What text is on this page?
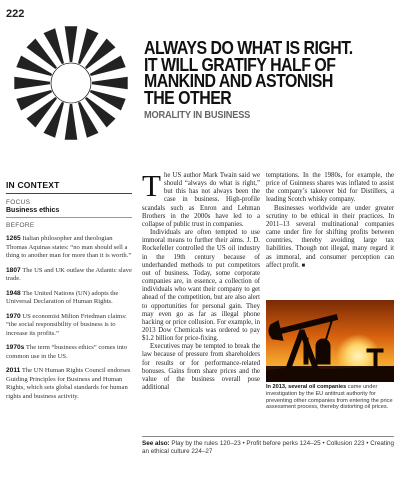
222
ALWAYS DO WHAT IS RIGHT.
IT WILL GRATIFY HALF OF
MANKIND AND ASTONISH
THE OTHER
MORALITY IN BUSINESS
IN CONTEXT
FOCUS
Business ethics
BEFORE
1265 Italian philosopher and theologian Thomas Aquinas states: “no man should sell a thing to another man for more than it is worth.”
1807 The US and UK outlaw the Atlantic slave trade.
1948 The United Nations (UN) adopts the Universal Declaration of Human Rights.
1970 US economist Milton Friedman claims: “the social responsibility of business is to increase its profits.”
1970s The term “business ethics” comes into common use in the US.
2011 The UN Human Rights Council endorses Guiding Principles for Business and Human Rights, which sets global standards for human rights and business activity.

The US author Mark Twain said we should “always do what is right,” but this has not always been the case in business. High-profile scandals such as Enron and Lehman Brothers in the 2000s have led to a collapse of public trust in companies.

Individuals are often tempted to use immoral means to further their aims. J. D. Rockefeller controlled the US oil industry in the 19th century because of underhanded methods to put competitors out of business. Today, some corporate companies are, in essence, a collection of individuals who want their company to get ahead of the competition, but are also alert to opportunities for personal gain. They may even go as far as illegal phone hacking or price collusion. For example, in 2013 Dow Chemicals was ordered to pay $1.2 billion for price-fixing.

Executives may be tempted to break the law because of pressure from shareholders for results or for performance-related bonuses. Gains from share prices and the value of the business overall pose additional

temptations. In the 1980s, for example, the price of Guinness shares was inflated to assist the company’s takeover bid for Distillers, a leading Scotch whisky company.

Businesses worldwide are under greater scrutiny to be ethical in their practices. In 2011–13 several multinational companies came under fire for shifting profits between countries, thereby avoiding large tax liabilities. Though not illegal, many regard it as immoral, and consumer perception can affect profit. ■

In 2013, several oil companies came under investigation by the EU antitrust authority for preventing other companies from entering the price assessment process, thereby distorting oil prices.
See also: Play by the rules 120–23 • Profit before perks 124–25 • Collusion 223 • Creating an ethical culture 224–27
